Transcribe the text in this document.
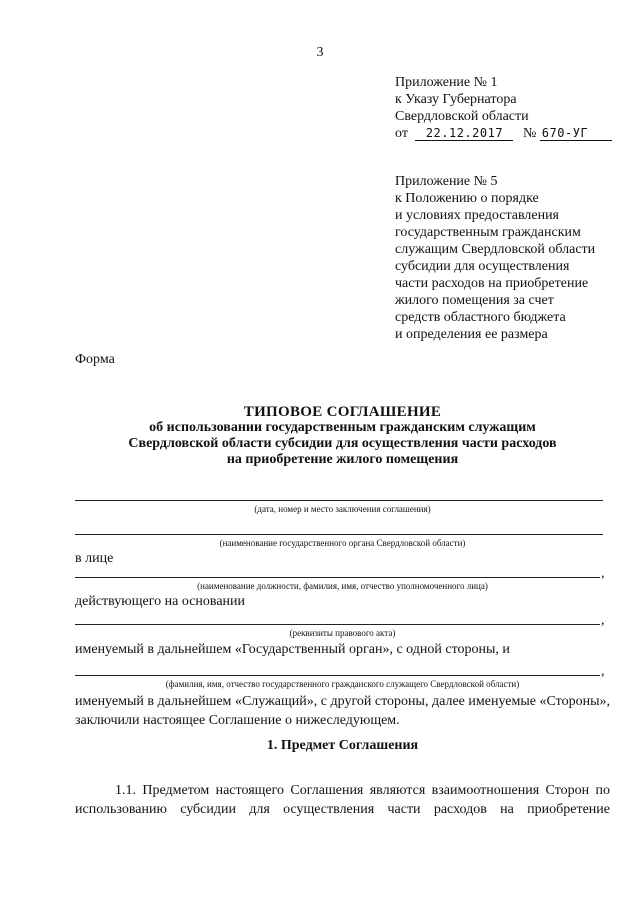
3
Приложение № 1
к Указу Губернатора
Свердловской области
от 22.12.2017 № 670-УГ
Приложение № 5
к Положению о порядке
и условиях предоставления
государственным гражданским
служащим Свердловской области
субсидии для осуществления
части расходов на приобретение
жилого помещения за счет
средств областного бюджета
и определения ее размера
Форма
ТИПОВОЕ СОГЛАШЕНИЕ
об использовании государственным гражданским служащим
Свердловской области субсидии для осуществления части расходов
на приобретение жилого помещения
(дата, номер и место заключения соглашения)
(наименование государственного органа Свердловской области)
в лице
,
(наименование должности, фамилия, имя, отчество уполномоченного лица)
действующего на основании
,
(реквизиты правового акта)
именуемый в дальнейшем «Государственный орган», с одной стороны, и
,
(фамилия, имя, отчество государственного гражданского служащего Свердловской области)
именуемый в дальнейшем «Служащий», с другой стороны, далее именуемые «Стороны», заключили настоящее Соглашение о нижеследующем.
1. Предмет Соглашения
1.1. Предметом настоящего Соглашения являются взаимоотношения Сторон по использованию субсидии для осуществления части расходов на приобретение
